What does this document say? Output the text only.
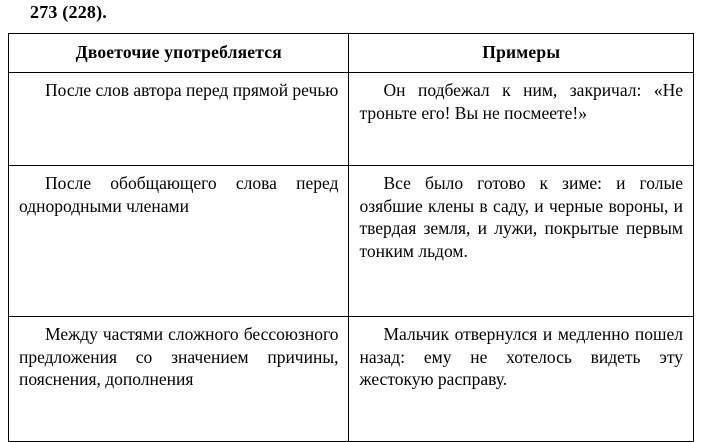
273 (228).
Двоеточие употребляется	Примеры

После слов автора перед прямой речью	Он подбежал к ним, закричал: «Не троньте его! Вы не посмеете!»

После обобщающего слова перед однородными членами	Все было готово к зиме: и голые озябшие клены в саду, и черные вороны, и твердая земля, и лужи, покрытые первым тонким льдом.

Между частями сложного бессоюзного предложения со значением причины, пояснения, дополнения	Мальчик отвернулся и медленно пошел назад: ему не хотелось видеть эту жестокую расправу.
